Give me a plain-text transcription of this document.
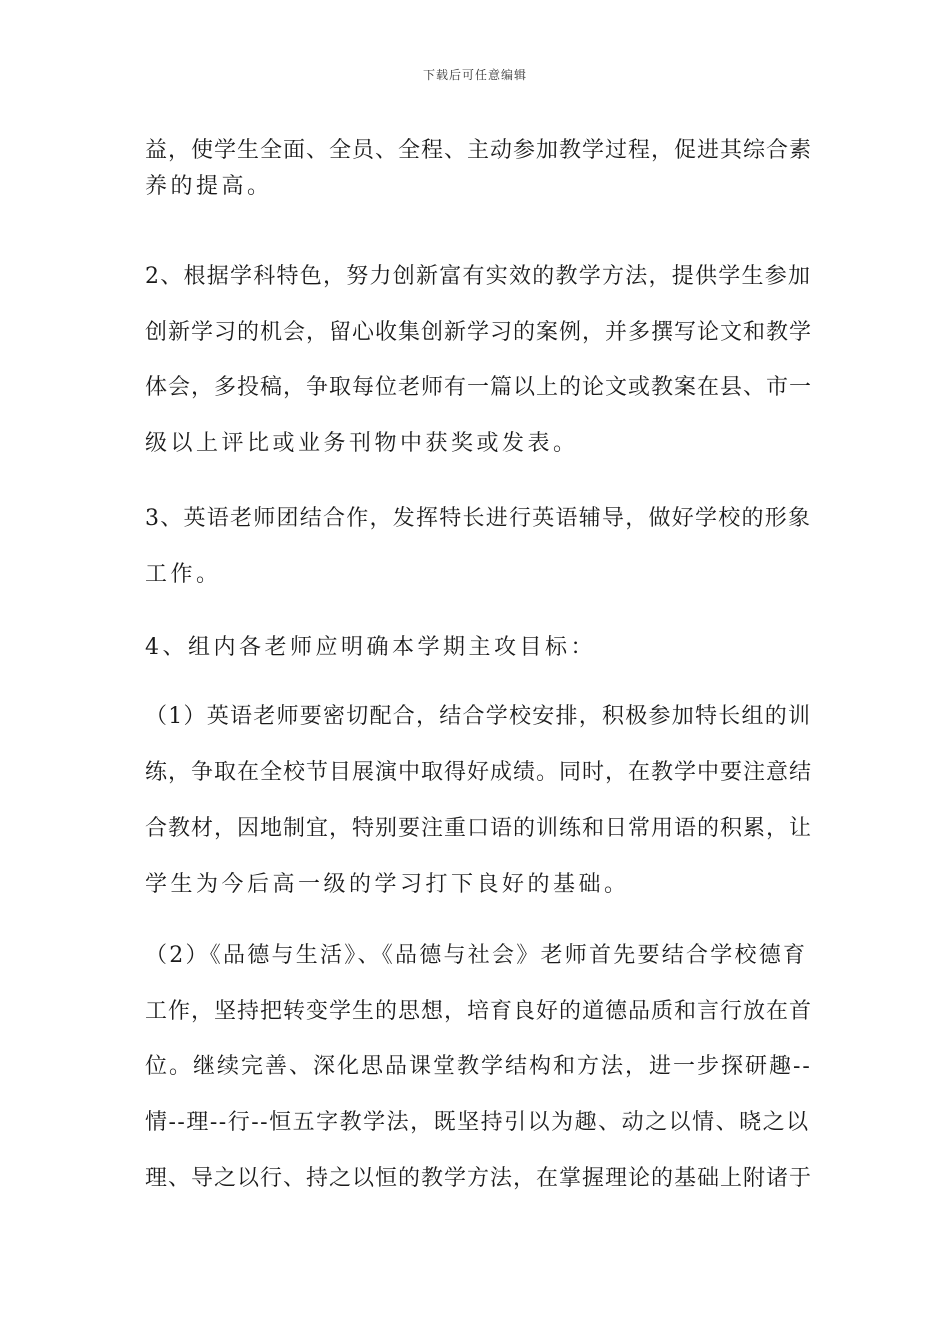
下载后可任意编辑
益，使学生全面、全员、全程、主动参加教学过程，促进其综合素
养的提高。
2、根据学科特色，努力创新富有实效的教学方法，提供学生参加
创新学习的机会，留心收集创新学习的案例，并多撰写论文和教学
体会，多投稿，争取每位老师有一篇以上的论文或教案在县、市一
级以上评比或业务刊物中获奖或发表。
3、英语老师团结合作，发挥特长进行英语辅导，做好学校的形象
工作。
4、组内各老师应明确本学期主攻目标：
（1）英语老师要密切配合，结合学校安排，积极参加特长组的训
练，争取在全校节目展演中取得好成绩。同时，在教学中要注意结
合教材，因地制宜，特别要注重口语的训练和日常用语的积累，让
学生为今后高一级的学习打下良好的基础。
（2）《品德与生活》、《品德与社会》老师首先要结合学校德育
工作，坚持把转变学生的思想，培育良好的道德品质和言行放在首
位。继续完善、深化思品课堂教学结构和方法，进一步探研趣--
情--理--行--恒五字教学法，既坚持引以为趣、动之以情、晓之以
理、导之以行、持之以恒的教学方法，在掌握理论的基础上附诸于
